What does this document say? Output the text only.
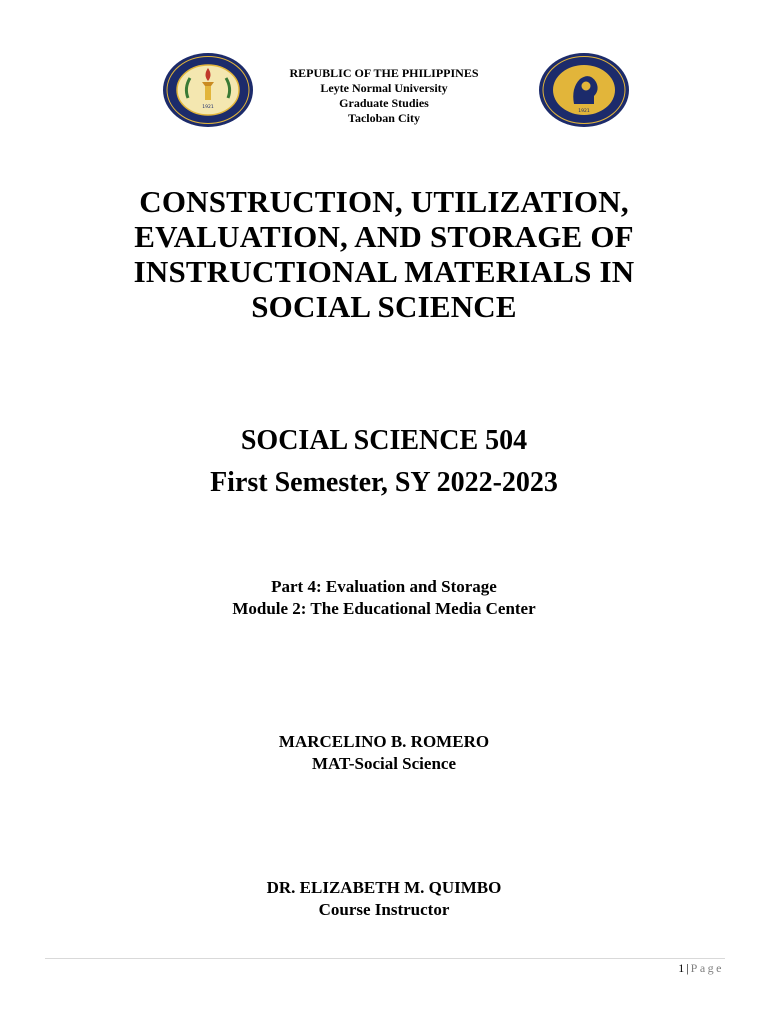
1921
REPUBLIC OF THE PHILIPPINES
Leyte Normal University
Graduate Studies
Tacloban City	1921
CONSTRUCTION, UTILIZATION,
EVALUATION, AND STORAGE OF
INSTRUCTIONAL MATERIALS IN
SOCIAL SCIENCE
SOCIAL SCIENCE 504
First Semester, SY 2022-2023
Part 4: Evaluation and Storage
Module 2: The Educational Media Center
MARCELINO B. ROMERO
MAT-Social Science
DR. ELIZABETH M. QUIMBO
Course Instructor
1 | Page
